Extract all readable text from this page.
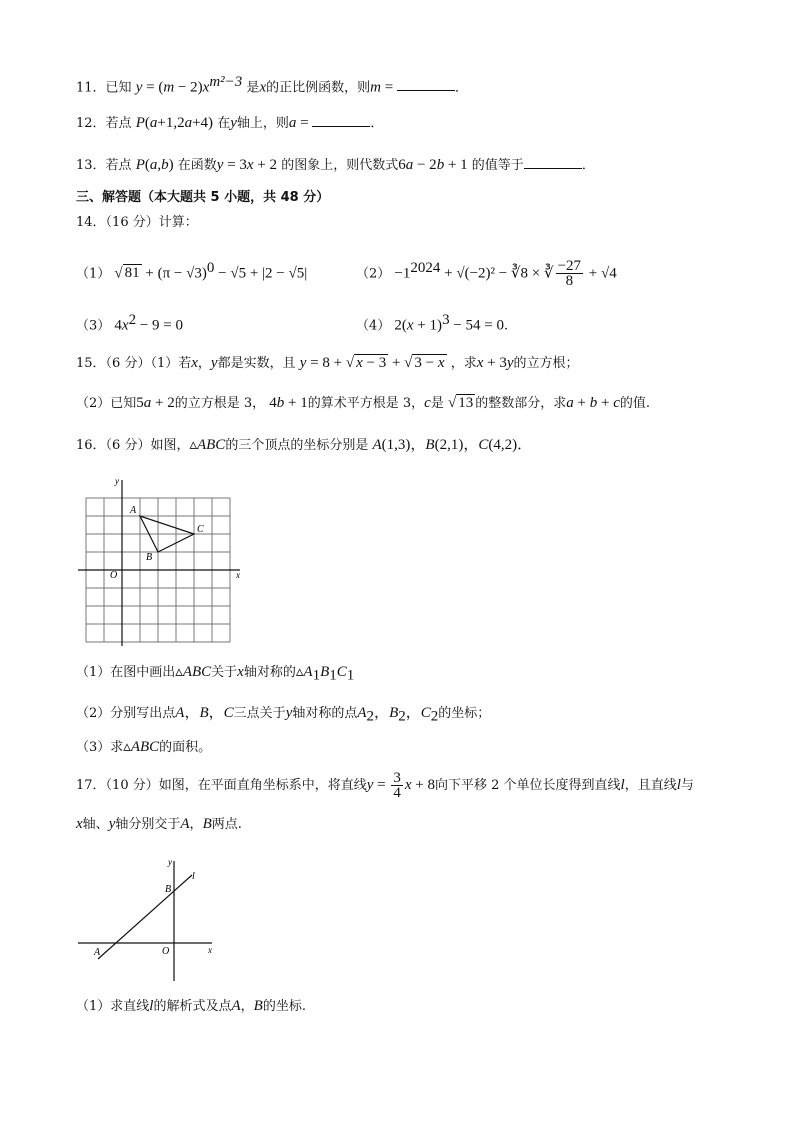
11．已知 $y = (m - 2)x^{m^2-3}$ 是x的正比例函数，则m =	．
12．若点 P(a+1,2a+4) 在y轴上，则a =	．
13．若点 P(a,b) 在函数y = 3x + 2 的图象上，则代数式6a − 2b + 1 的值等于	．
三、解答题（本大题共 5 小题，共 48 分）
14．（16 分）计算：
（1） √ $81 + (\pi - √3)^0 - √5 + |2 - √5|$	$(2) -1^{2024} + √(-2)^2$ − ∛8 × ∛ $\frac{-27}{8} + √4$
（3） $4x^2 - 9 = 0$	（4） $2(x + 1)^3 - 54 = 0$.
15．（6 分）（1）若x，y都是实数，且 y = 8 + √ x − 3 + √ 3 − x ，求x + 3y的立方根；
（2）已知5a + 2的立方根是 3， 4b + 1的算术平方根是 3，c是 √ 13 的整数部分，求a + b + c的值.
16．（6 分）如图，▵ABC的三个顶点的坐标分别是 A(1,3)，B(2,1)，C(4,2)．
x
y
O
A
B
C
（1）在图中画出▵ABC关于x轴对称的$▵A_1B_1C_1$
（2）分别写出点A，B，C三点关于y轴对称的点$A_2$，$B_2$，$C_2$的坐标；
（3）求▵ABC的面积。
17．（10 分）如图，在平面直角坐标系中，将直线$y = \frac{3}{4}$ x + 8向下平移 2 个单位长度得到直线l，且直线l与
x轴、y轴分别交于A，B两点.
x
y
O
A
B
l
（1）求直线l的解析式及点A，B的坐标.
